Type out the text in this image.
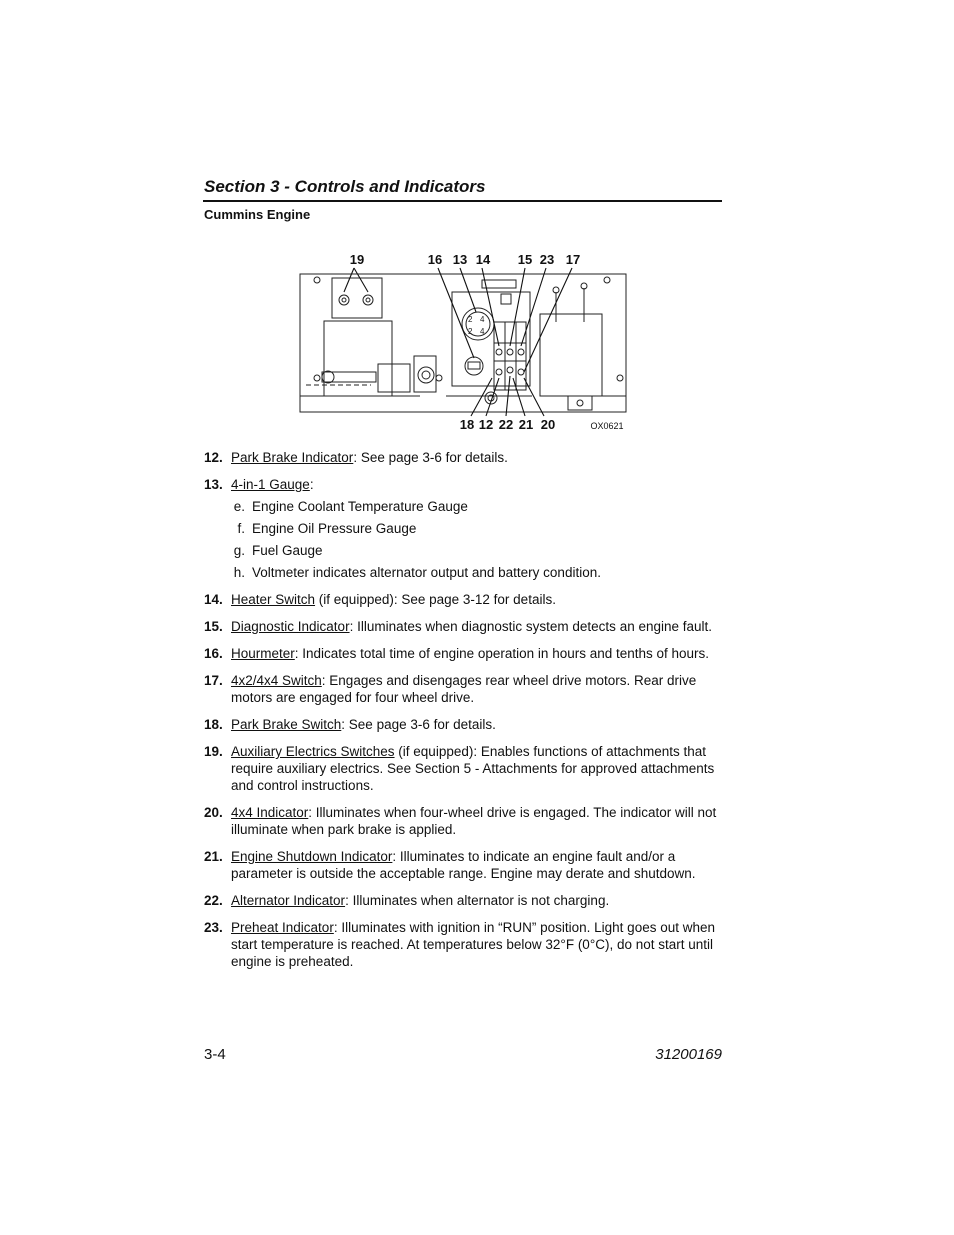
Section 3 - Controls and Indicators
Cummins Engine
2 4
2 4
19	16 13 14 15 23 17
18 12 22 21 20	OX0621
12. Park Brake Indicator: See page 3-6 for details.
13. 4-in-1 Gauge:
e. Engine Coolant Temperature Gauge
f. Engine Oil Pressure Gauge
g. Fuel Gauge
h. Voltmeter indicates alternator output and battery condition.
14. Heater Switch (if equipped): See page 3-12 for details.
15. Diagnostic Indicator: Illuminates when diagnostic system detects an engine fault.
16. Hourmeter: Indicates total time of engine operation in hours and tenths of hours.
17. 4x2/4x4 Switch: Engages and disengages rear wheel drive motors. Rear drive motors are engaged for four wheel drive.
18. Park Brake Switch: See page 3-6 for details.
19. Auxiliary Electrics Switches (if equipped): Enables functions of attachments that require auxiliary electrics. See Section 5 - Attachments for approved attachments and control instructions.
20. 4x4 Indicator: Illuminates when four-wheel drive is engaged. The indicator will not illuminate when park brake is applied.
21. Engine Shutdown Indicator: Illuminates to indicate an engine fault and/or a parameter is outside the acceptable range. Engine may derate and shutdown.
22. Alternator Indicator: Illuminates when alternator is not charging.
23. Preheat Indicator: Illuminates with ignition in “RUN” position. Light goes out when start temperature is reached. At temperatures below 32°F (0°C), do not start until engine is preheated.
3-4	31200169
